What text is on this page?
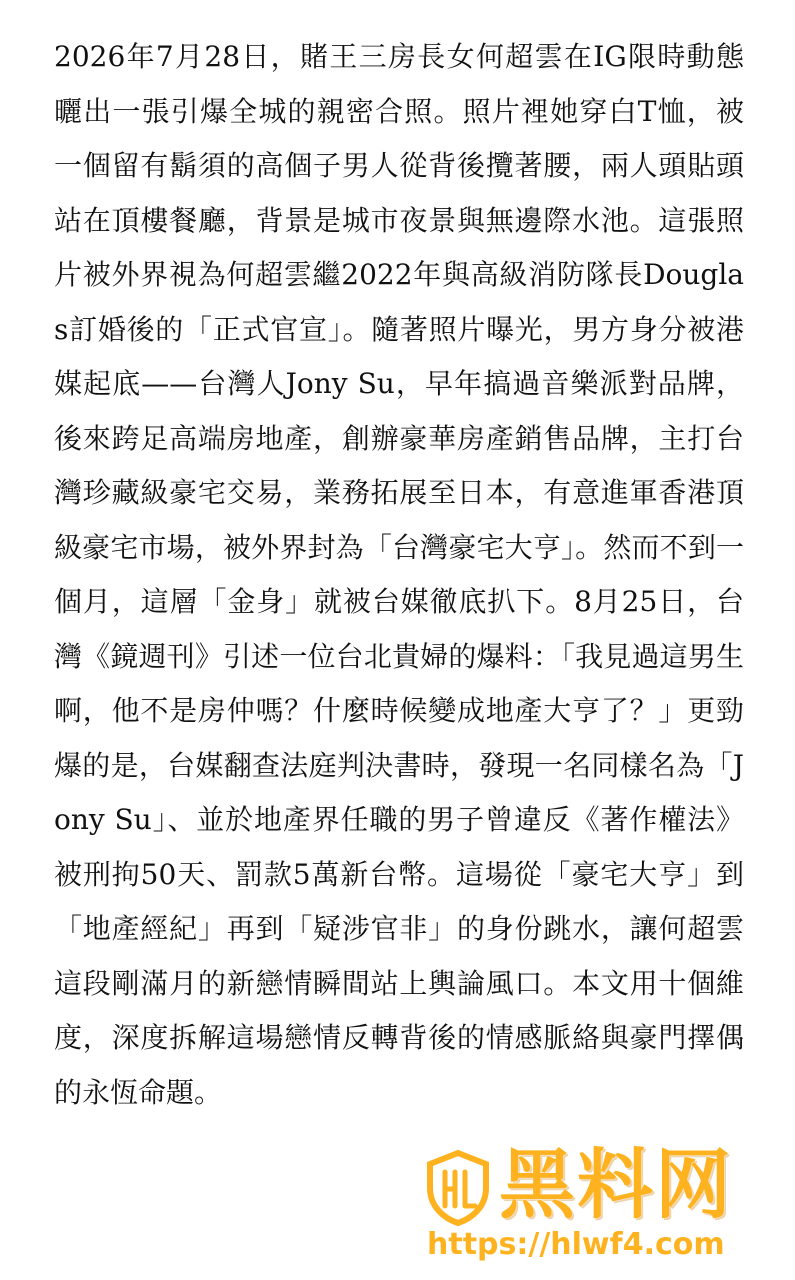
2026年7月28日，賭王三房長女何超雲在IG限時動態曬出一張引爆全城的親密合照。照片裡她穿白T恤，被一個留有鬍須的高個子男人從背後攬著腰，兩人頭貼頭站在頂樓餐廳，背景是城市夜景與無邊際水池。這張照片被外界視為何超雲繼2022年與高級消防隊長Douglas訂婚後的「正式官宣」。隨著照片曝光，男方身分被港媒起底——台灣人Jony Su，早年搞過音樂派對品牌，後來跨足高端房地產，創辦豪華房產銷售品牌，主打台灣珍藏級豪宅交易，業務拓展至日本，有意進軍香港頂級豪宅市場，被外界封為「台灣豪宅大亨」。然而不到一個月，這層「金身」就被台媒徹底扒下。8月25日，台灣《鏡週刊》引述一位台北貴婦的爆料：「我見過這男生啊，他不是房仲嗎？什麼時候變成地產大亨了？」更勁爆的是，台媒翻查法庭判決書時，發現一名同樣名為「Jony Su」、並於地產界任職的男子曾違反《著作權法》被刑拘50天、罰款5萬新台幣。這場從「豪宅大亨」到「地產經紀」再到「疑涉官非」的身份跳水，讓何超雲這段剛滿月的新戀情瞬間站上輿論風口。本文用十個維度，深度拆解這場戀情反轉背後的情感脈絡與豪門擇偶的永恆命題。

黑料网
https://hlwf4.com
